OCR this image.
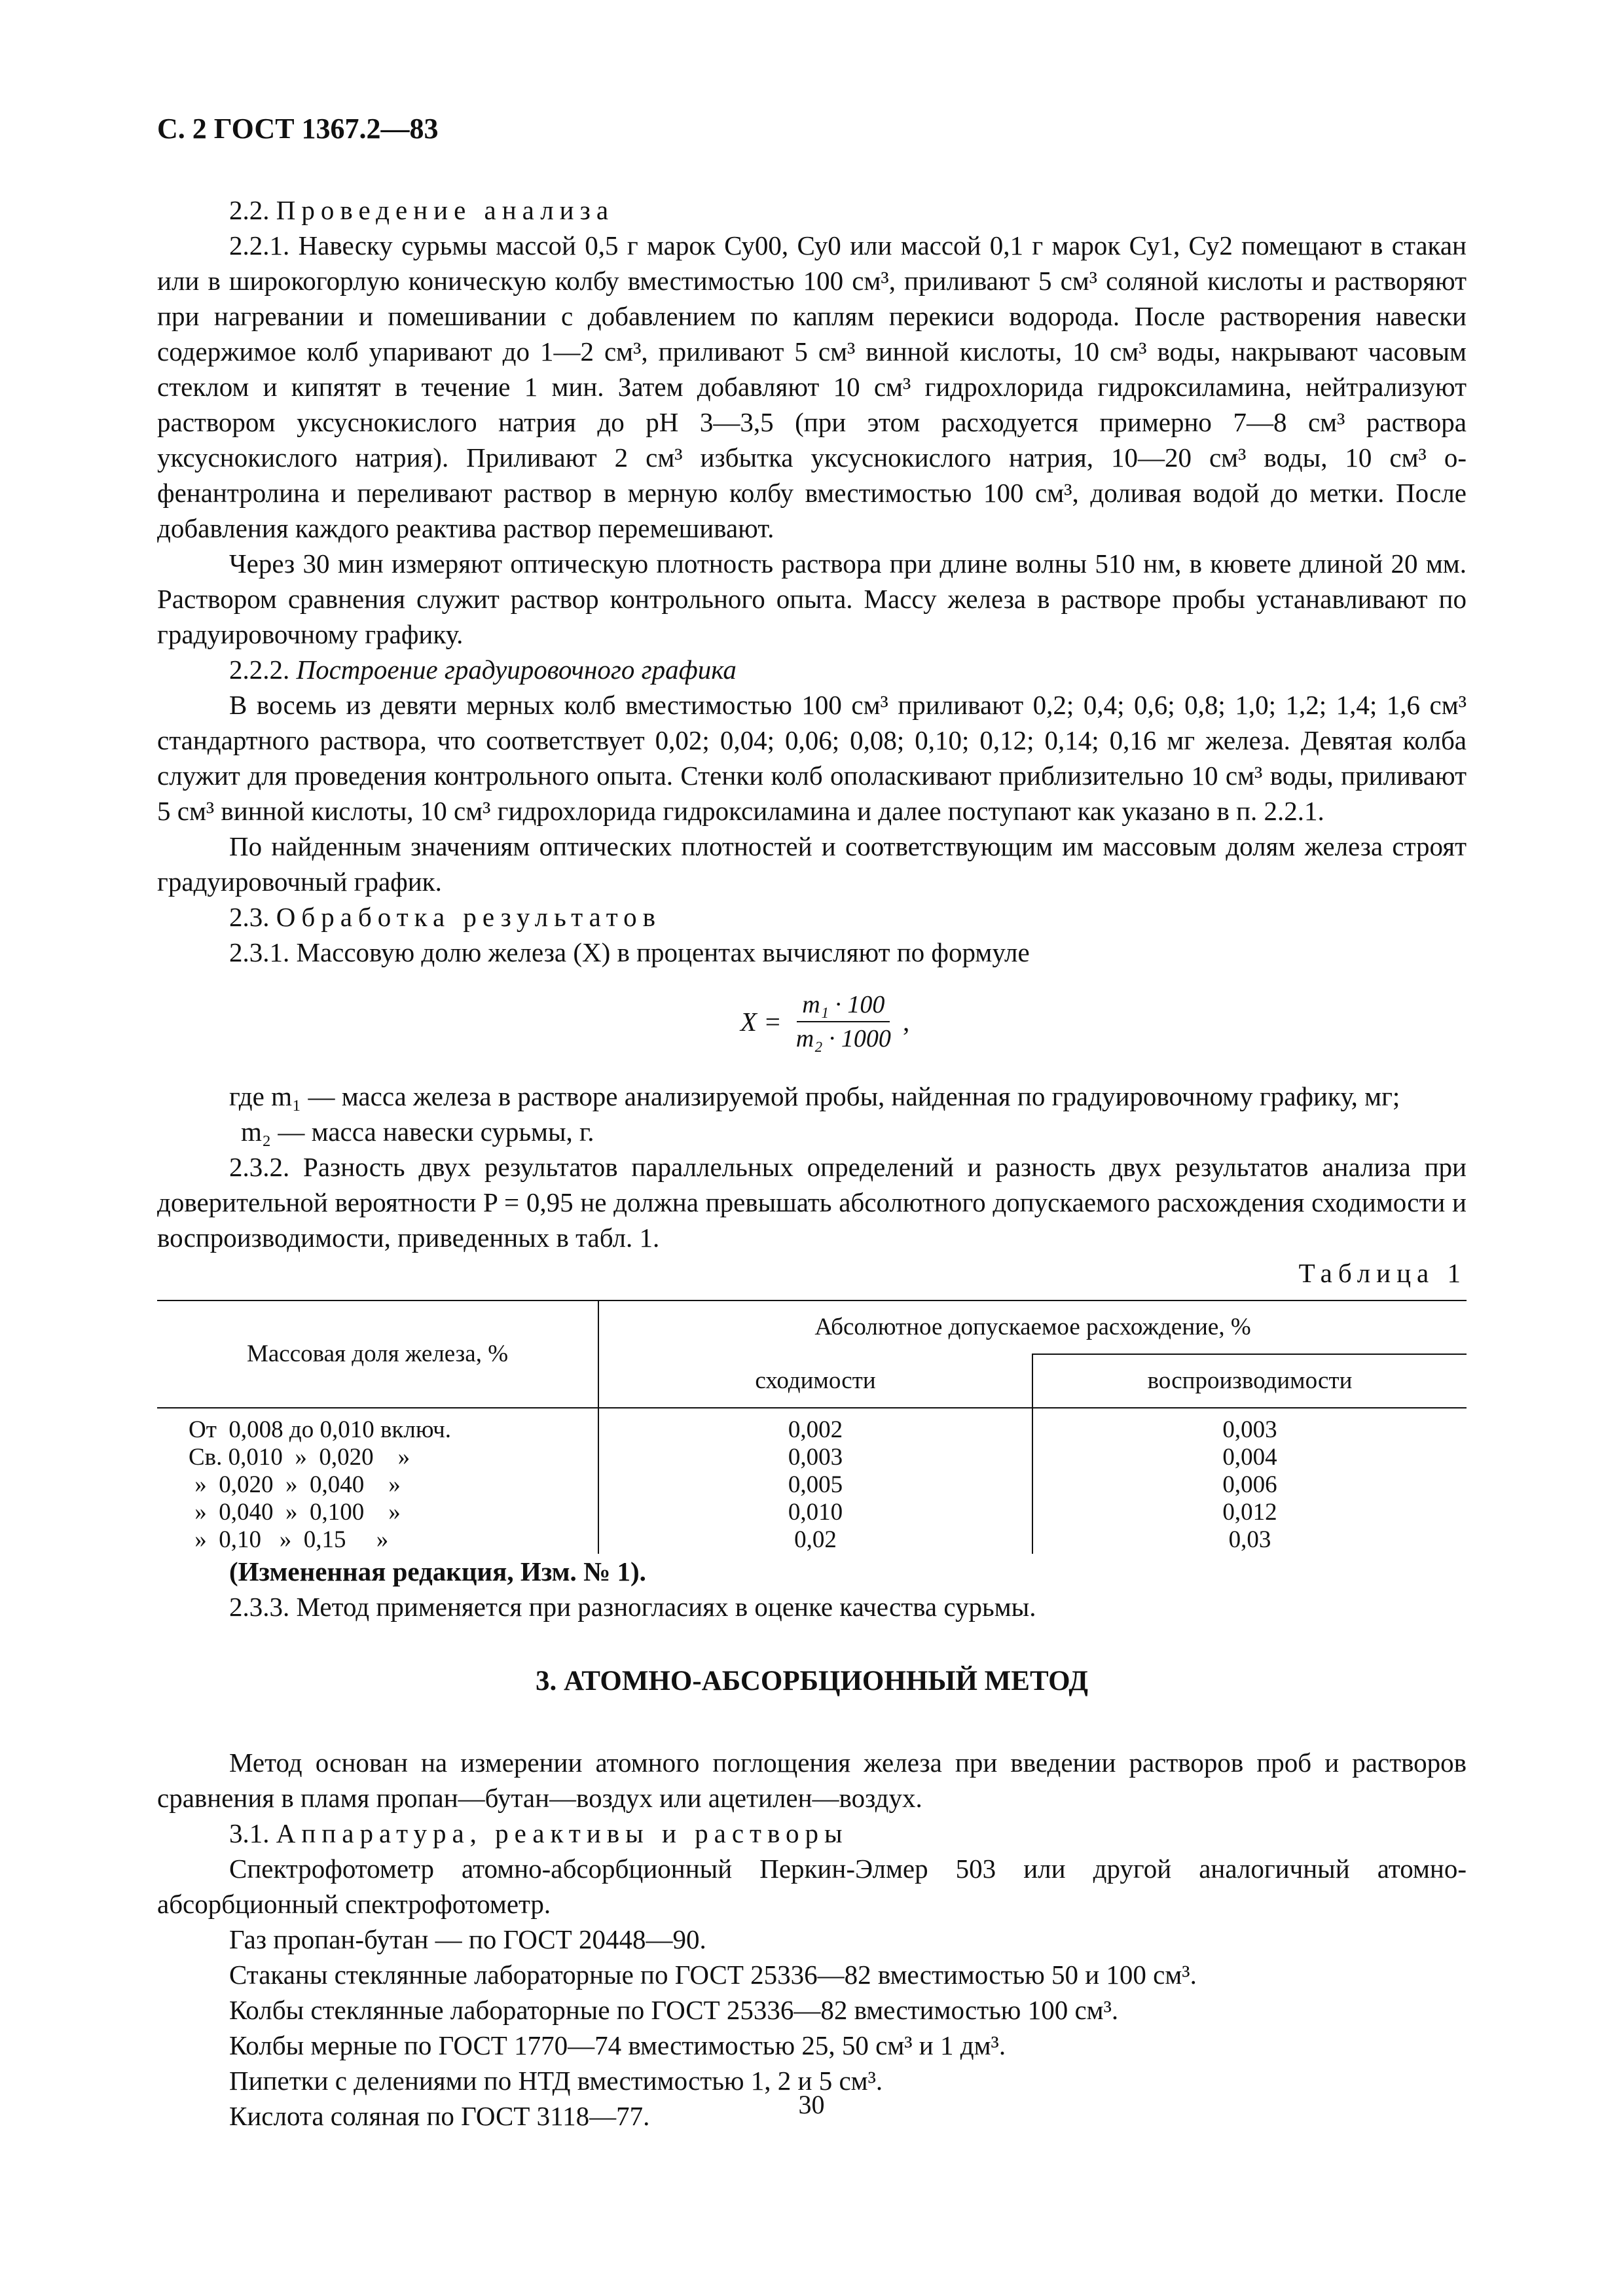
С. 2 ГОСТ 1367.2—83

2.2. Проведение анализа

2.2.1. Навеску сурьмы массой 0,5 г марок Су00, Су0 или массой 0,1 г марок Су1, Су2 помещают в стакан или в широкогорлую коническую колбу вместимостью 100 см³, приливают 5 см³ соляной кислоты и растворяют при нагревании и помешивании с добавлением по каплям перекиси водорода. После растворения навески содержимое колб упаривают до 1—2 см³, приливают 5 см³ винной кислоты, 10 см³ воды, накрывают часовым стеклом и кипятят в течение 1 мин. Затем добавляют 10 см³ гидрохлорида гидроксиламина, нейтрализуют раствором уксуснокислого натрия до рН 3—3,5 (при этом расходуется примерно 7—8 см³ раствора уксуснокислого натрия). Приливают 2 см³ избытка уксуснокислого натрия, 10—20 см³ воды, 10 см³ о-фенантролина и переливают раствор в мерную колбу вместимостью 100 см³, доливая водой до метки. После добавления каждого реактива раствор перемешивают.

Через 30 мин измеряют оптическую плотность раствора при длине волны 510 нм, в кювете длиной 20 мм. Раствором сравнения служит раствор контрольного опыта. Массу железа в растворе пробы устанавливают по градуировочному графику.

2.2.2. Построение градуировочного графика

В восемь из девяти мерных колб вместимостью 100 см³ приливают 0,2; 0,4; 0,6; 0,8; 1,0; 1,2; 1,4; 1,6 см³ стандартного раствора, что соответствует 0,02; 0,04; 0,06; 0,08; 0,10; 0,12; 0,14; 0,16 мг железа. Девятая колба служит для проведения контрольного опыта. Стенки колб ополаскивают приблизительно 10 см³ воды, приливают 5 см³ винной кислоты, 10 см³ гидрохлорида гидроксиламина и далее поступают как указано в п. 2.2.1.

По найденным значениям оптических плотностей и соответствующим им массовым долям железа строят градуировочный график.

2.3. Обработка результатов

2.3.1. Массовую долю железа (X) в процентах вычисляют по формуле

$X = \frac{\text{m₁ · 100}}{\text{m₂ · 1000}}$ ,

где m₁ — масса железа в растворе анализируемой пробы, найденная по градуировочному графику, мг;

m₂ — масса навески сурьмы, г.

2.3.2. Разность двух результатов параллельных определений и разность двух результатов анализа при доверительной вероятности P = 0,95 не должна превышать абсолютного допускаемого расхождения сходимости и воспроизводимости, приведенных в табл. 1.

Таблица 1

Массовая доля железа, %	Абсолютное допускаемое расхождение, %	
	сходимости	воспроизводимости
От  0,008 до 0,010 включ.	0,002	0,003
Св. 0,010  »  0,020    »	0,003	0,004
»  0,020  »  0,040    »	0,005	0,006
»  0,040  »  0,100    »	0,010	0,012
»  0,10   »  0,15     »	0,02	0,03

(Измененная редакция, Изм. № 1).

2.3.3. Метод применяется при разногласиях в оценке качества сурьмы.

3. АТОМНО-АБСОРБЦИОННЫЙ МЕТОД

Метод основан на измерении атомного поглощения железа при введении растворов проб и растворов сравнения в пламя пропан—бутан—воздух или ацетилен—воздух.

3.1. Аппаратура, реактивы и растворы

Спектрофотометр атомно-абсорбционный Перкин-Элмер 503 или другой аналогичный атомно-абсорбционный спектрофотометр.

Газ пропан-бутан — по ГОСТ 20448—90.

Стаканы стеклянные лабораторные по ГОСТ 25336—82 вместимостью 50 и 100 см³.

Колбы стеклянные лабораторные по ГОСТ 25336—82 вместимостью 100 см³.

Колбы мерные по ГОСТ 1770—74 вместимостью 25, 50 см³ и 1 дм³.

Пипетки с делениями по НТД вместимостью 1, 2 и 5 см³.

Кислота соляная по ГОСТ 3118—77.	30
